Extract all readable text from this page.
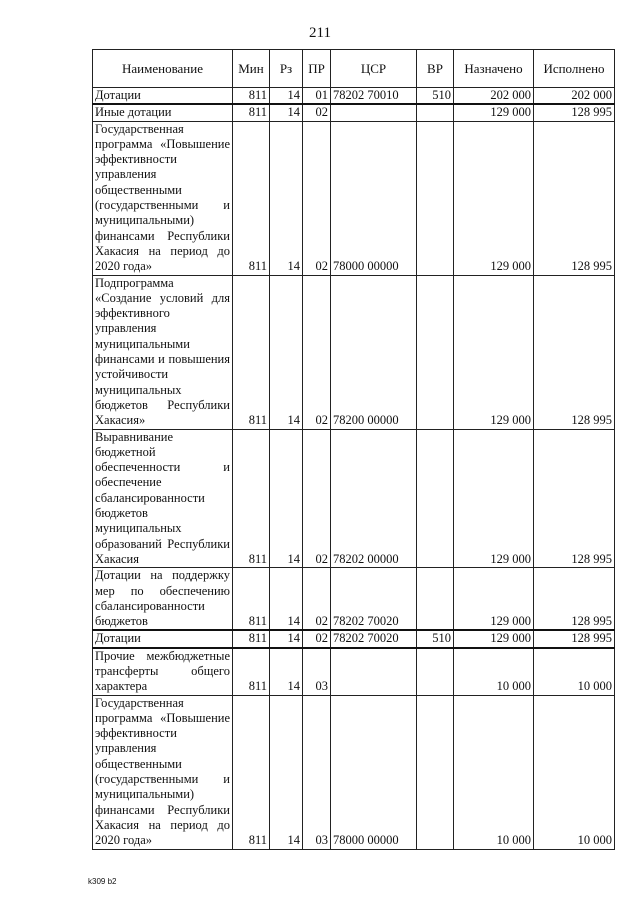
211
Наименование	Мин	Рз	ПР	ЦСР	ВР	Назначено	Исполнено
Дотации	811	14	01	78202 70010	510	202 000	202 000
Иные дотации	811	14	02			129 000	128 995
Государственная программа «Повышение эффективности управления общественными (государственными и муниципальными) финансами Республики Хакасия на период до 2020 года»	811	14	02	78000 00000		129 000	128 995
Подпрограмма «Создание условий для эффективного управления муниципальными финансами и повышения устойчивости муниципальных бюджетов Республики Хакасия»	811	14	02	78200 00000		129 000	128 995
Выравнивание бюджетной обеспеченности и обеспечение сбалансированности бюджетов муниципальных образований Республики Хакасия	811	14	02	78202 00000		129 000	128 995
Дотации на поддержку мер по обеспечению сбалансированности бюджетов	811	14	02	78202 70020		129 000	128 995
Дотации	811	14	02	78202 70020	510	129 000	128 995
Прочие межбюджетные трансферты общего характера	811	14	03			10 000	10 000
Государственная программа «Повышение эффективности управления общественными (государственными и муниципальными) финансами Республики Хакасия на период до 2020 года»	811	14	03	78000 00000		10 000	10 000
k309 b2
